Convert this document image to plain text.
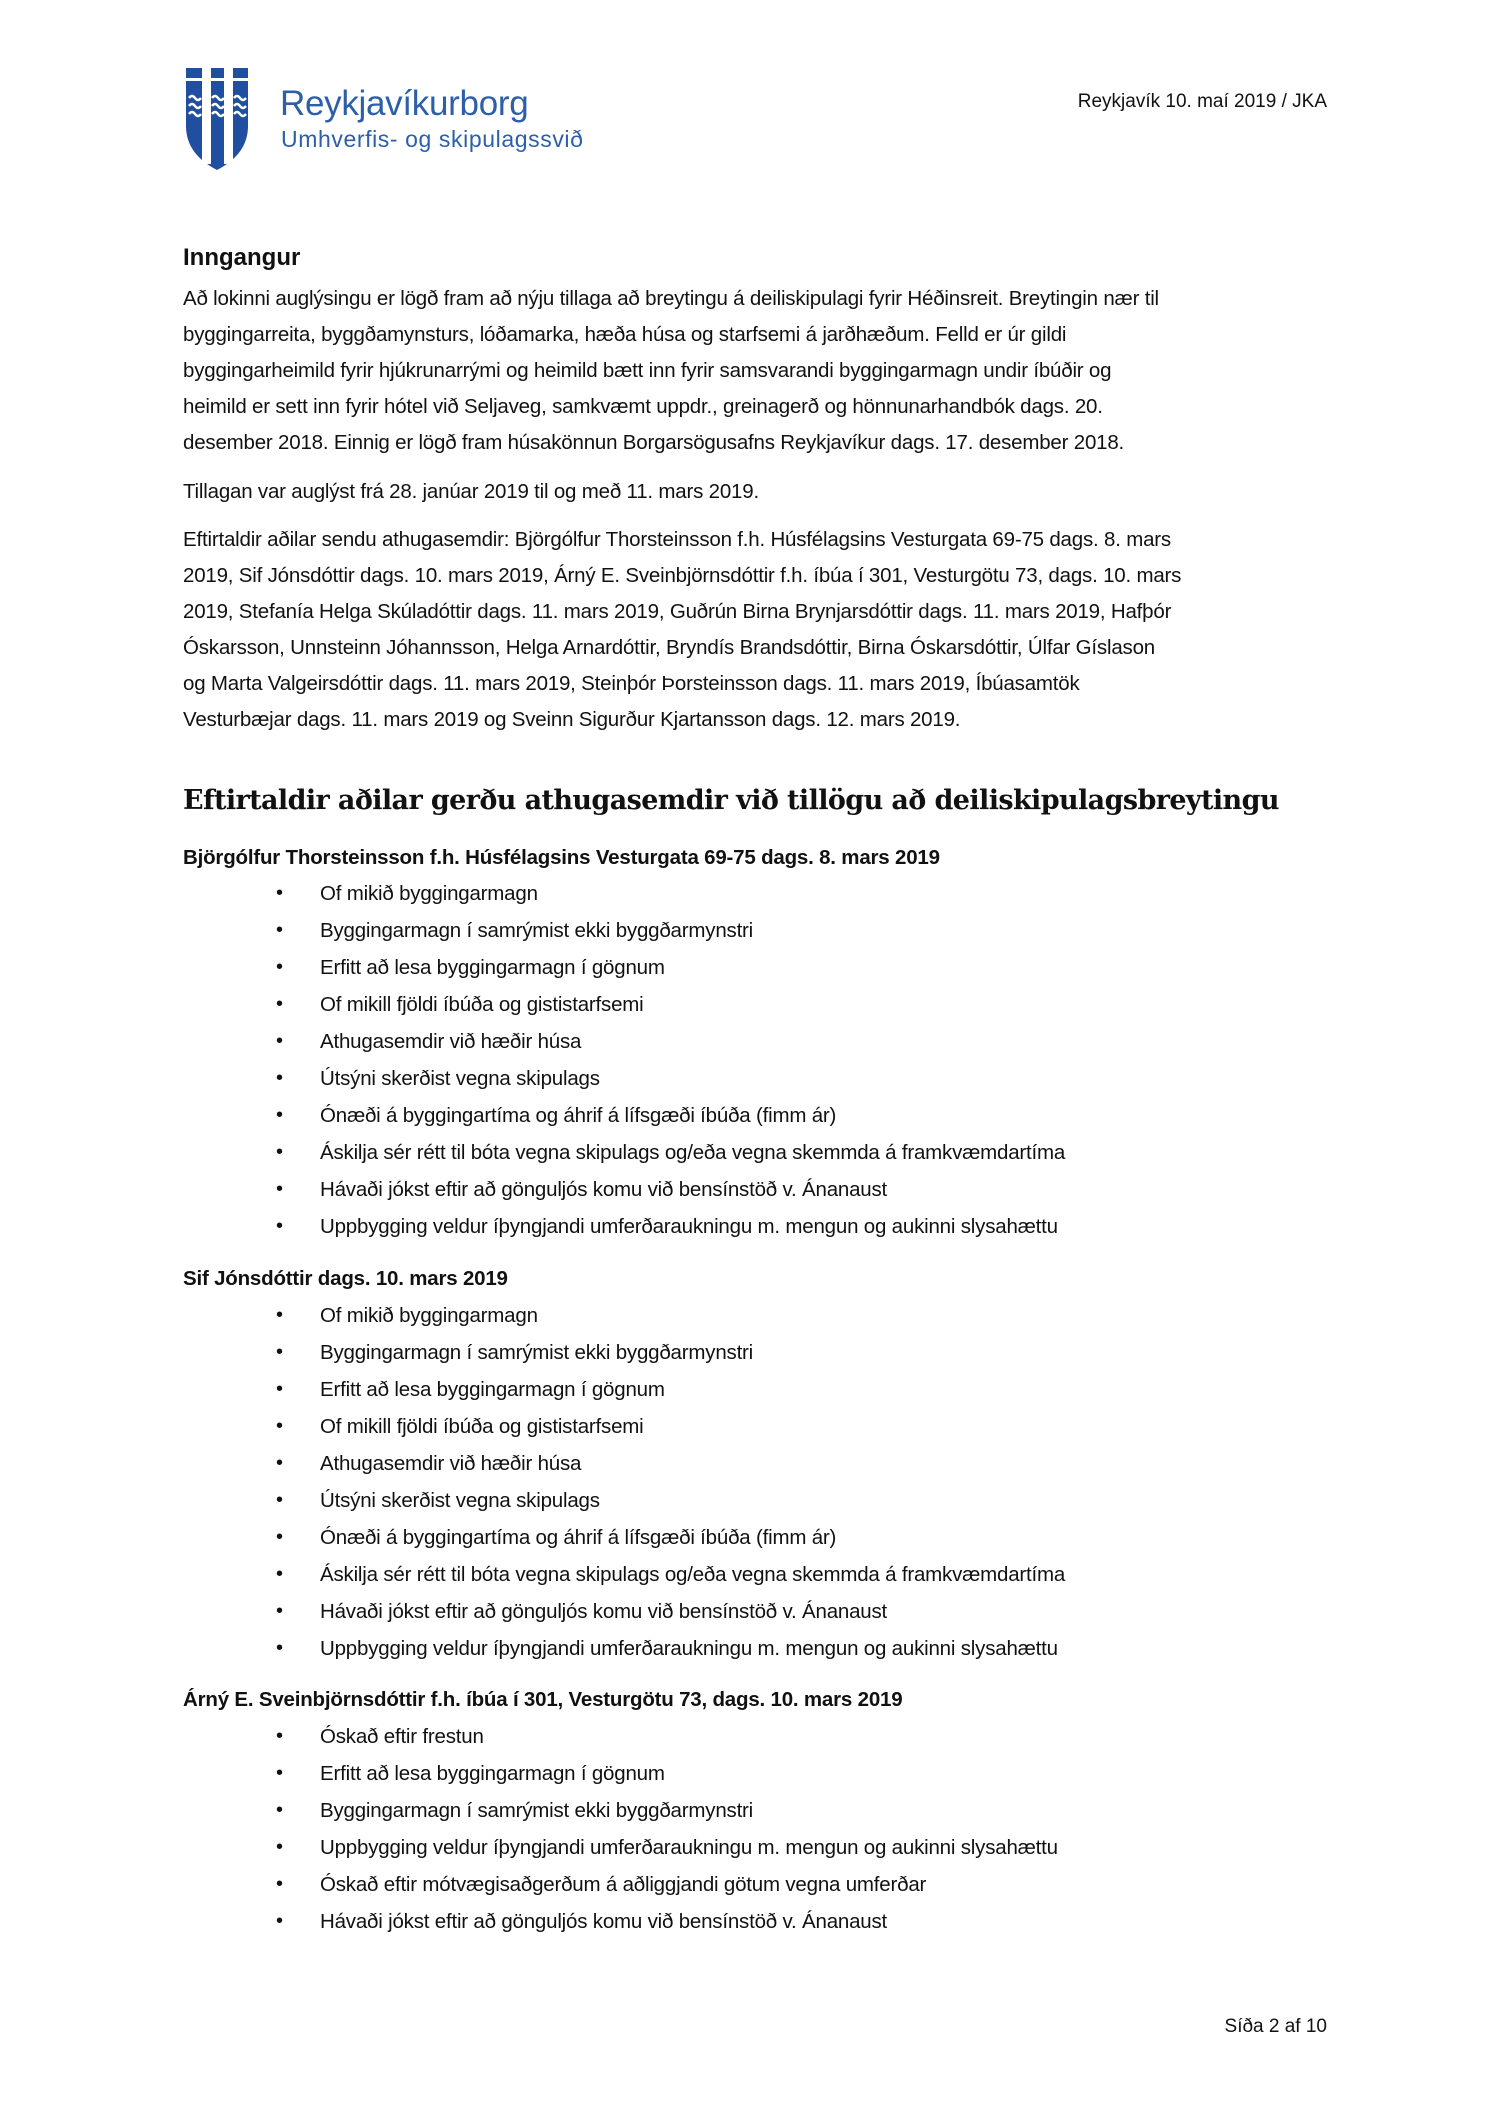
Reykjavíkurborg
Umhverfis- og skipulagssvið
Reykjavík 10. maí 2019 / JKA
Inngangur
Að lokinni auglýsingu er lögð fram að nýju tillaga að breytingu á deiliskipulagi fyrir Héðinsreit. Breytingin nær til
byggingarreita, byggðamynsturs, lóðamarka, hæða húsa og starfsemi á jarðhæðum. Felld er úr gildi
byggingarheimild fyrir hjúkrunarrými og heimild bætt inn fyrir samsvarandi byggingarmagn undir íbúðir og
heimild er sett inn fyrir hótel við Seljaveg, samkvæmt uppdr., greinagerð og hönnunarhandbók dags. 20.
desember 2018. Einnig er lögð fram húsakönnun Borgarsögusafns Reykjavíkur dags. 17. desember 2018.
Tillagan var auglýst frá 28. janúar 2019 til og með 11. mars 2019.
Eftirtaldir aðilar sendu athugasemdir: Björgólfur Thorsteinsson f.h. Húsfélagsins Vesturgata 69-75 dags. 8. mars
2019, Sif Jónsdóttir dags. 10. mars 2019, Árný E. Sveinbjörnsdóttir f.h. íbúa í 301, Vesturgötu 73, dags. 10. mars
2019, Stefanía Helga Skúladóttir dags. 11. mars 2019, Guðrún Birna Brynjarsdóttir dags. 11. mars 2019, Hafþór
Óskarsson, Unnsteinn Jóhannsson, Helga Arnardóttir, Bryndís Brandsdóttir, Birna Óskarsdóttir, Úlfar Gíslason
og Marta Valgeirsdóttir dags. 11. mars 2019, Steinþór Þorsteinsson dags. 11. mars 2019, Íbúasamtök
Vesturbæjar dags. 11. mars 2019 og Sveinn Sigurður Kjartansson dags. 12. mars 2019.
Eftirtaldir aðilar gerðu athugasemdir við tillögu að deiliskipulagsbreytingu
Björgólfur Thorsteinsson f.h. Húsfélagsins Vesturgata 69-75 dags. 8. mars 2019
• Of mikið byggingarmagn
• Byggingarmagn í samrýmist ekki byggðarmynstri
• Erfitt að lesa byggingarmagn í gögnum
• Of mikill fjöldi íbúða og gististarfsemi
• Athugasemdir við hæðir húsa
• Útsýni skerðist vegna skipulags
• Ónæði á byggingartíma og áhrif á lífsgæði íbúða (fimm ár)
• Áskilja sér rétt til bóta vegna skipulags og/eða vegna skemmda á framkvæmdartíma
• Hávaði jókst eftir að gönguljós komu við bensínstöð v. Ánanaust
• Uppbygging veldur íþyngjandi umferðaraukningu m. mengun og aukinni slysahættu
Sif Jónsdóttir dags. 10. mars 2019
• Of mikið byggingarmagn
• Byggingarmagn í samrýmist ekki byggðarmynstri
• Erfitt að lesa byggingarmagn í gögnum
• Of mikill fjöldi íbúða og gististarfsemi
• Athugasemdir við hæðir húsa
• Útsýni skerðist vegna skipulags
• Ónæði á byggingartíma og áhrif á lífsgæði íbúða (fimm ár)
• Áskilja sér rétt til bóta vegna skipulags og/eða vegna skemmda á framkvæmdartíma
• Hávaði jókst eftir að gönguljós komu við bensínstöð v. Ánanaust
• Uppbygging veldur íþyngjandi umferðaraukningu m. mengun og aukinni slysahættu
Árný E. Sveinbjörnsdóttir f.h. íbúa í 301, Vesturgötu 73, dags. 10. mars 2019
• Óskað eftir frestun
• Erfitt að lesa byggingarmagn í gögnum
• Byggingarmagn í samrýmist ekki byggðarmynstri
• Uppbygging veldur íþyngjandi umferðaraukningu m. mengun og aukinni slysahættu
• Óskað eftir mótvægisaðgerðum á aðliggjandi götum vegna umferðar
• Hávaði jókst eftir að gönguljós komu við bensínstöð v. Ánanaust
Síða 2 af 10
